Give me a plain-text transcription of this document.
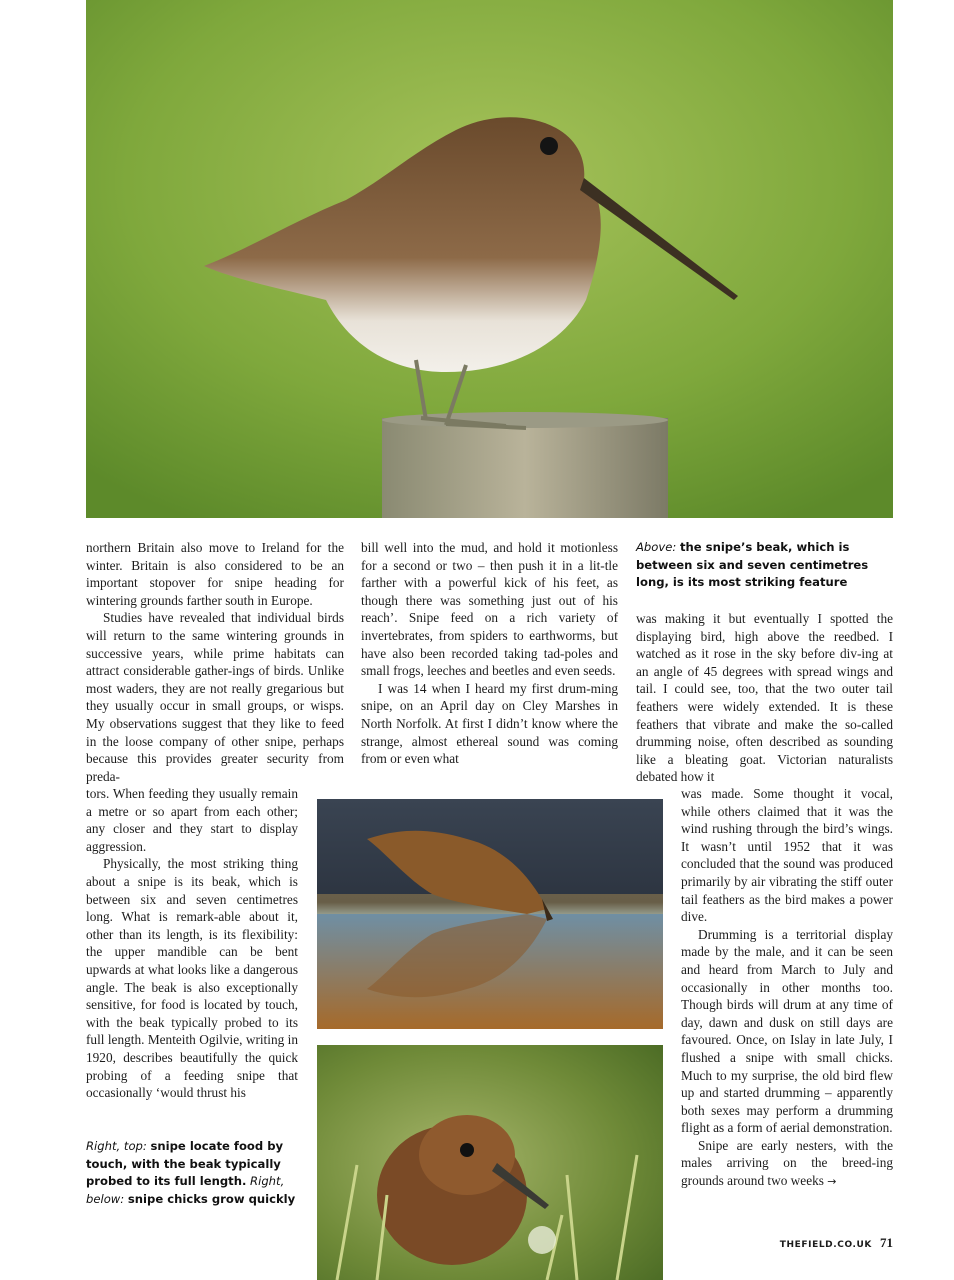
northern Britain also move to Ireland for the winter. Britain is also considered to be an important stopover for snipe heading for wintering grounds farther south in Europe.

Studies have revealed that individual birds will return to the same wintering grounds in successive years, while prime habitats can attract considerable gather-ings of birds. Unlike most waders, they are not really gregarious but they usually occur in small groups, or wisps. My observations suggest that they like to feed in the loose company of other snipe, perhaps because this provides greater security from preda-

tors. When feeding they usually remain a metre or so apart from each other; any closer and they start to display aggression.

Physically, the most striking thing about a snipe is its beak, which is between six and seven centimetres long. What is remark-able about it, other than its length, is its flexibility: the upper mandible can be bent upwards at what looks like a dangerous angle. The beak is also exceptionally sensitive, for food is located by touch, with the beak typically probed to its full length. Menteith Ogilvie, writing in 1920, describes beautifully the quick probing of a feeding snipe that occasionally ‘would thrust his

bill well into the mud, and hold it motionless for a second or two – then push it in a lit-tle farther with a powerful kick of his feet, as though there was something just out of his reach’. Snipe feed on a rich variety of invertebrates, from spiders to earthworms, but have also been recorded taking tad-poles and small frogs, leeches and beetles and even seeds.

I was 14 when I heard my first drum-ming snipe, on an April day on Cley Marshes in North Norfolk. At first I didn’t know where the strange, almost ethereal sound was coming from or even what

Above: the snipe’s beak, which is between six and seven centimetres long, is its most striking feature

was making it but eventually I spotted the displaying bird, high above the reedbed. I watched as it rose in the sky before div-ing at an angle of 45 degrees with spread wings and tail. I could see, too, that the two outer tail feathers were widely extended. It is these feathers that vibrate and make the so-called drumming noise, often described as sounding like a bleating goat. Victorian naturalists debated how it

was made. Some thought it vocal, while others claimed that it was the wind rushing through the bird’s wings. It wasn’t until 1952 that it was concluded that the sound was produced primarily by air vibrating the stiff outer tail feathers as the bird makes a power dive.

Drumming is a territorial display made by the male, and it can be seen and heard from March to July and occasionally in other months too. Though birds will drum at any time of day, dawn and dusk on still days are favoured. Once, on Islay in late July, I flushed a snipe with small chicks. Much to my surprise, the old bird flew up and started drumming – apparently both sexes may perform a drumming flight as a form of aerial demonstration.

Snipe are early nesters, with the males arriving on the breed-ing grounds around two weeks →

Right, top: snipe locate food by touch, with the beak typically probed to its full length. Right, below: snipe chicks grow quickly
THEFIELD.CO.UK 71
